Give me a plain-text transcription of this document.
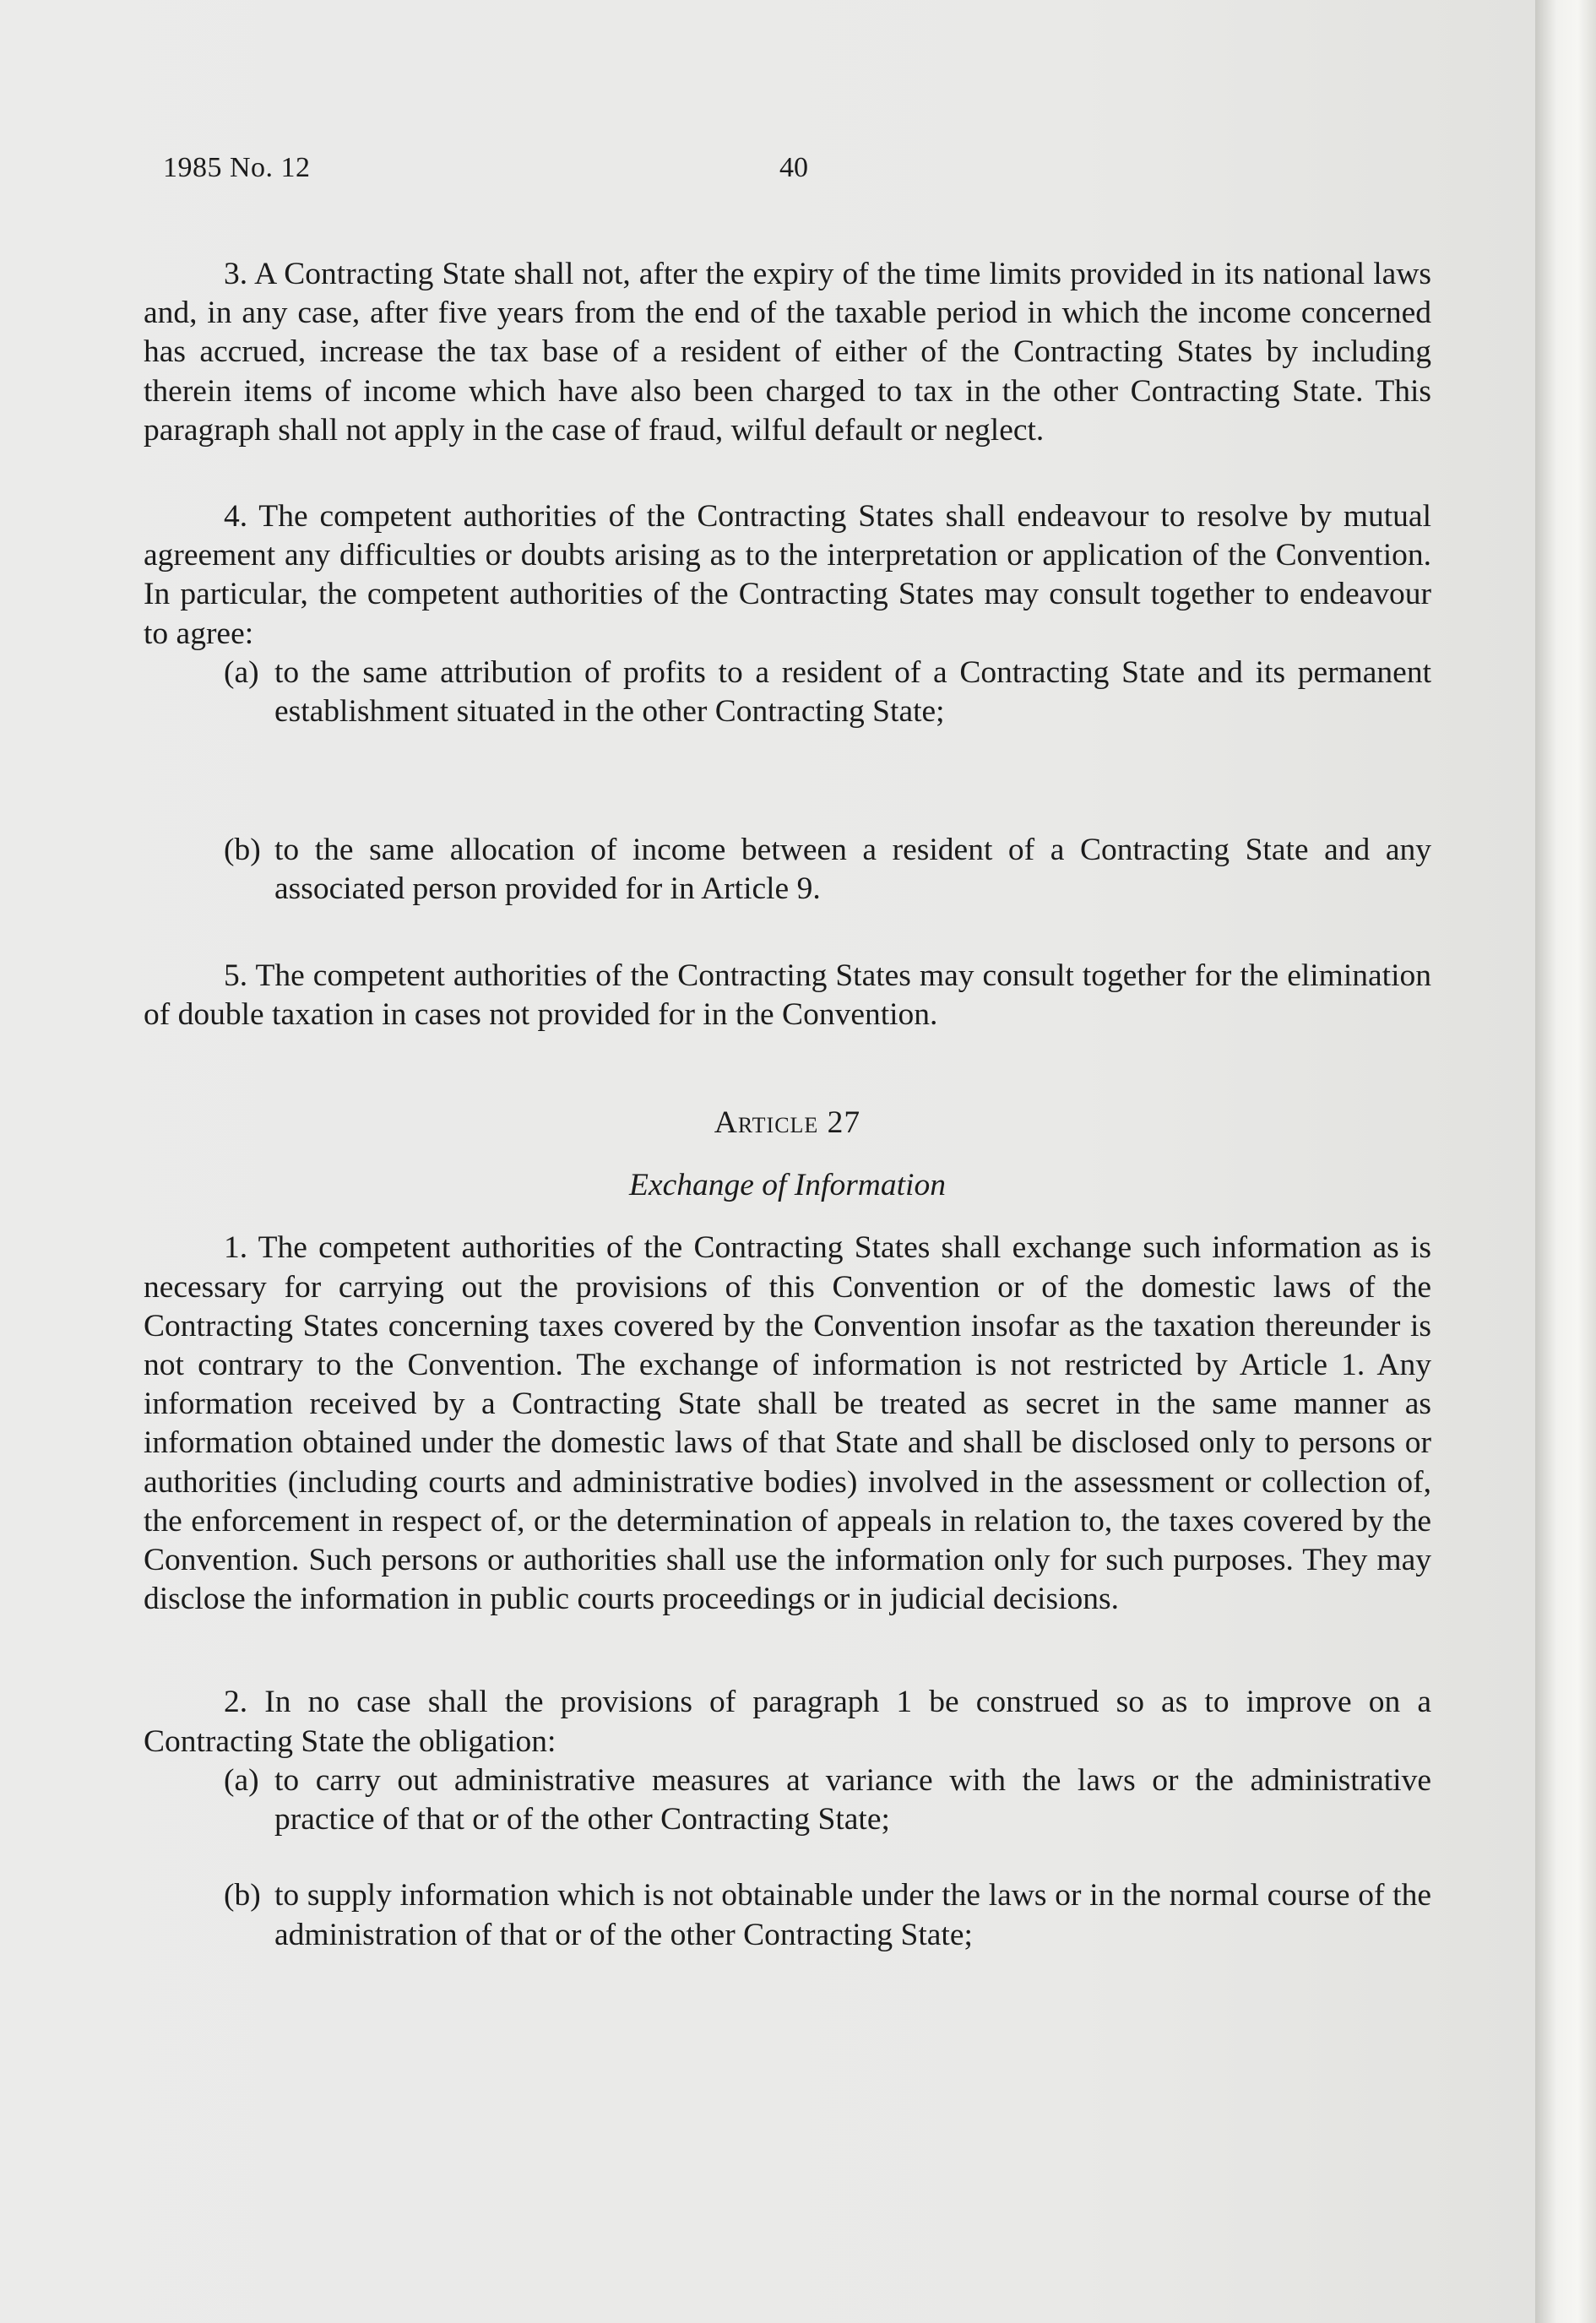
1985 No. 12	40

3. A Contracting State shall not, after the expiry of the time limits provided in its national laws and, in any case, after five years from the end of the taxable period in which the income concerned has accrued, increase the tax base of a resident of either of the Contracting States by including therein items of income which have also been charged to tax in the other Contracting State. This paragraph shall not apply in the case of fraud, wilful default or neglect.

4. The competent authorities of the Contracting States shall endeavour to resolve by mutual agreement any difficulties or doubts arising as to the interpretation or application of the Convention. In particular, the competent authorities of the Contracting States may consult together to endeavour to agree:

(a) to the same attribution of profits to a resident of a Contracting State and its permanent establishment situated in the other Contracting State;

(b) to the same allocation of income between a resident of a Contracting State and any associated person provided for in Article 9.

5. The competent authorities of the Contracting States may consult together for the elimination of double taxation in cases not provided for in the Convention.

Article 27

Exchange of Information

1. The competent authorities of the Contracting States shall exchange such information as is necessary for carrying out the provisions of this Convention or of the domestic laws of the Contracting States concerning taxes covered by the Convention insofar as the taxation thereunder is not contrary to the Convention. The exchange of information is not restricted by Article 1. Any information received by a Contracting State shall be treated as secret in the same manner as information obtained under the domestic laws of that State and shall be disclosed only to persons or authorities (including courts and administrative bodies) involved in the assessment or collection of, the enforcement in respect of, or the determination of appeals in relation to, the taxes covered by the Convention. Such persons or authorities shall use the information only for such purposes. They may disclose the information in public courts proceedings or in judicial decisions.

2. In no case shall the provisions of paragraph 1 be construed so as to improve on a Contracting State the obligation:

(a) to carry out administrative measures at variance with the laws or the administrative practice of that or of the other Contracting State;

(b) to supply information which is not obtainable under the laws or in the normal course of the administration of that or of the other Contracting State;
